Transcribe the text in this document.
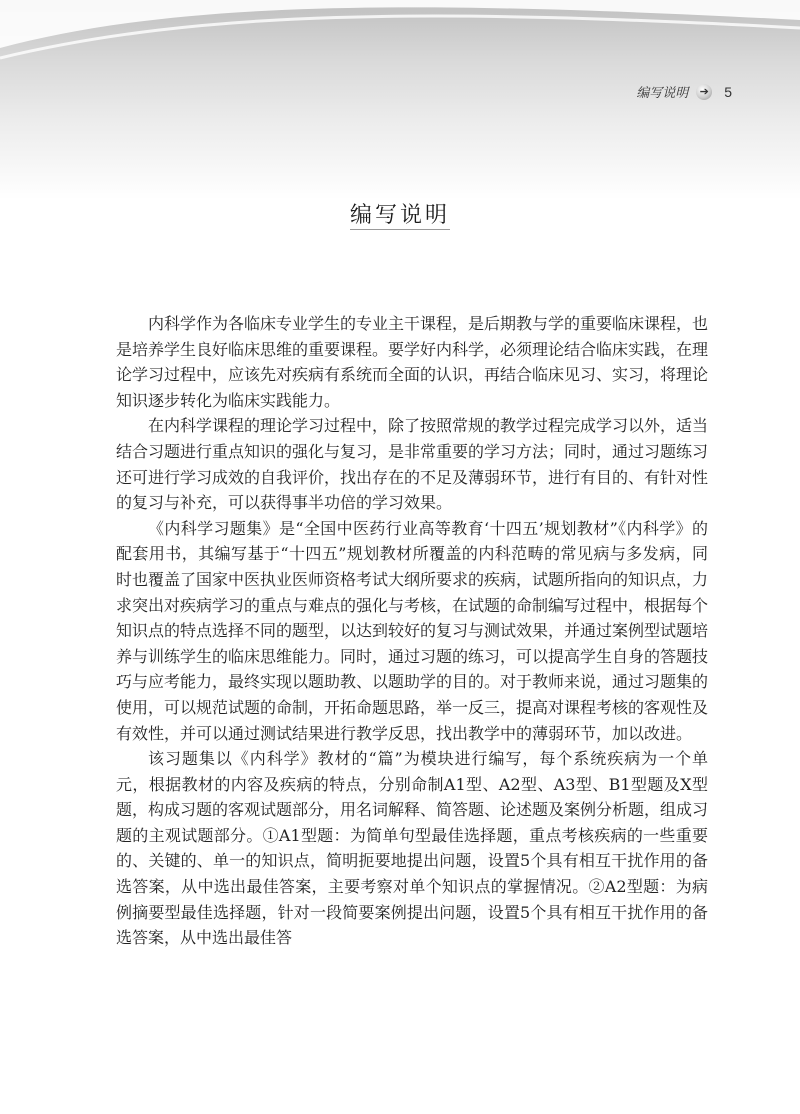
编写说明	➔ 5
编写说明

内科学作为各临床专业学生的专业主干课程，是后期教与学的重要临床课程，也是培养学生良好临床思维的重要课程。要学好内科学，必须理论结合临床实践，在理论学习过程中，应该先对疾病有系统而全面的认识，再结合临床见习、实习，将理论知识逐步转化为临床实践能力。

在内科学课程的理论学习过程中，除了按照常规的教学过程完成学习以外，适当结合习题进行重点知识的强化与复习，是非常重要的学习方法；同时，通过习题练习还可进行学习成效的自我评价，找出存在的不足及薄弱环节，进行有目的、有针对性的复习与补充，可以获得事半功倍的学习效果。

《内科学习题集》是“全国中医药行业高等教育‘十四五’规划教材”《内科学》的配套用书，其编写基于“十四五”规划教材所覆盖的内科范畴的常见病与多发病，同时也覆盖了国家中医执业医师资格考试大纲所要求的疾病，试题所指向的知识点，力求突出对疾病学习的重点与难点的强化与考核，在试题的命制编写过程中，根据每个知识点的特点选择不同的题型，以达到较好的复习与测试效果，并通过案例型试题培养与训练学生的临床思维能力。同时，通过习题的练习，可以提高学生自身的答题技巧与应考能力，最终实现以题助教、以题助学的目的。对于教师来说，通过习题集的使用，可以规范试题的命制，开拓命题思路，举一反三，提高对课程考核的客观性及有效性，并可以通过测试结果进行教学反思，找出教学中的薄弱环节，加以改进。

该习题集以《内科学》教材的“篇”为模块进行编写，每个系统疾病为一个单元，根据教材的内容及疾病的特点，分别命制A1型、A2型、A3型、B1型题及X型题，构成习题的客观试题部分，用名词解释、简答题、论述题及案例分析题，组成习题的主观试题部分。①A1型题：为简单句型最佳选择题，重点考核疾病的一些重要的、关键的、单一的知识点，简明扼要地提出问题，设置5个具有相互干扰作用的备选答案，从中选出最佳答案，主要考察对单个知识点的掌握情况。②A2型题：为病例摘要型最佳选择题，针对一段简要案例提出问题，设置5个具有相互干扰作用的备选答案，从中选出最佳答
